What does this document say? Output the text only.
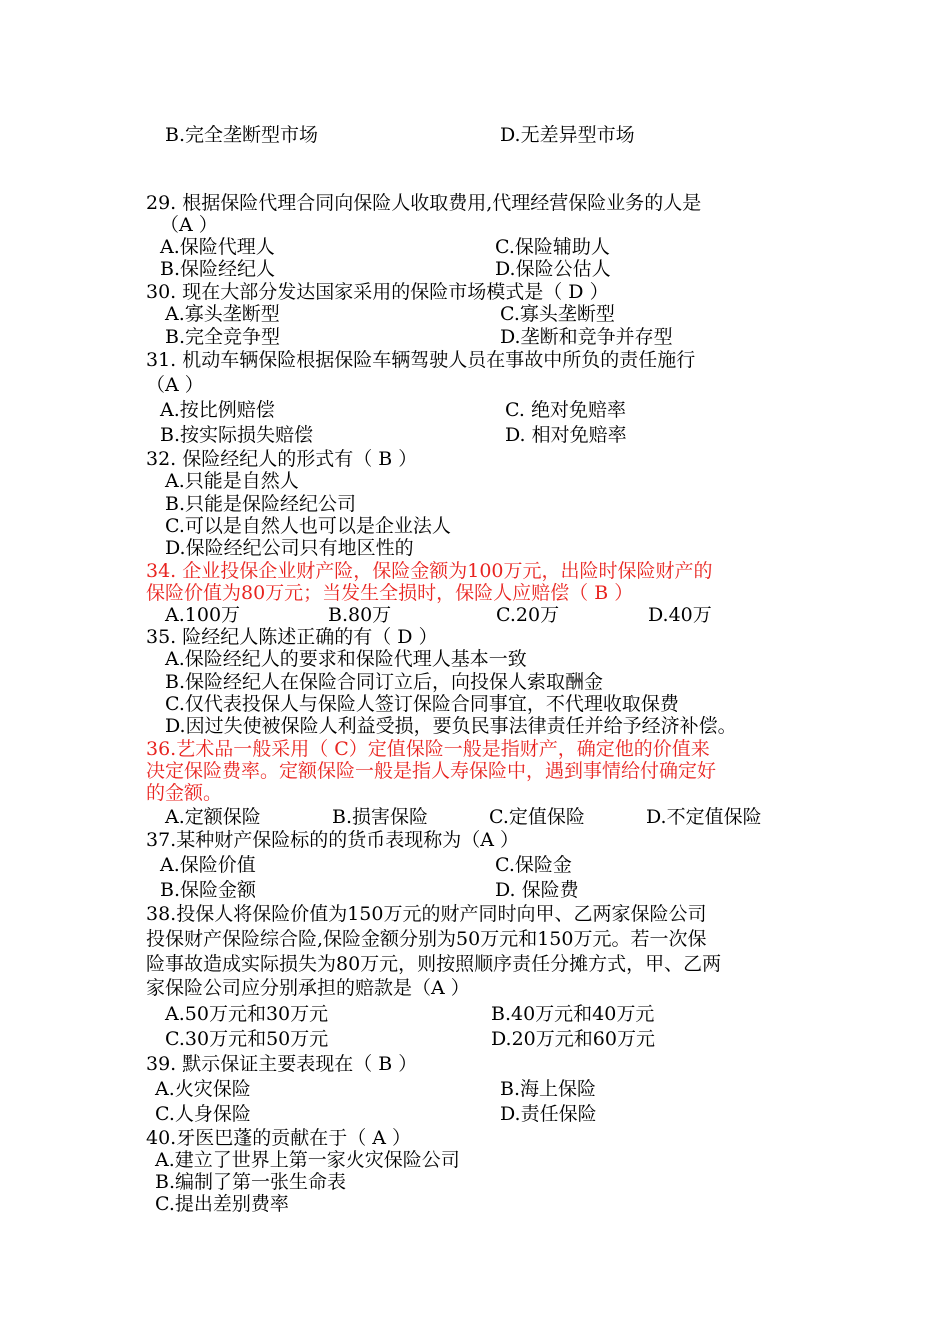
B.完全垄断型市场	D.无差异型市场
29. 根据保险代理合同向保险人收取费用,代理经营保险业务的人是
（A ）
A.保险代理人	C.保险辅助人
B.保险经纪人	D.保险公估人
30. 现在大部分发达国家采用的保险市场模式是（ D ）
A.寡头垄断型	C.寡头垄断型
B.完全竞争型	D.垄断和竞争并存型
31. 机动车辆保险根据保险车辆驾驶人员在事故中所负的责任施行
（A ）
A.按比例赔偿	C. 绝对免赔率
B.按实际损失赔偿	D. 相对免赔率
32. 保险经纪人的形式有（ B ）
A.只能是自然人
B.只能是保险经纪公司
C.可以是自然人也可以是企业法人
D.保险经纪公司只有地区性的
34. 企业投保企业财产险，保险金额为100万元，出险时保险财产的
保险价值为80万元；当发生全损时，保险人应赔偿（ B ）
A.100万	B.80万	C.20万	D.40万
35. 险经纪人陈述正确的有（ D ）
A.保险经纪人的要求和保险代理人基本一致
B.保险经纪人在保险合同订立后，向投保人索取酬金
C.仅代表投保人与保险人签订保险合同事宜，不代理收取保费
D.因过失使被保险人利益受损，要负民事法律责任并给予经济补偿。
36.艺术品一般采用（ C）定值保险一般是指财产，确定他的价值来
决定保险费率。定额保险一般是指人寿保险中，遇到事情给付确定好
的金额。
A.定额保险	B.损害保险	C.定值保险	D.不定值保险
37.某种财产保险标的的货币表现称为（A ）
A.保险价值	C.保险金
B.保险金额	D. 保险费
38.投保人将保险价值为150万元的财产同时向甲、乙两家保险公司
投保财产保险综合险,保险金额分别为50万元和150万元。若一次保
险事故造成实际损失为80万元，则按照顺序责任分摊方式，甲、乙两
家保险公司应分别承担的赔款是（A ）
A.50万元和30万元	B.40万元和40万元
C.30万元和50万元	D.20万元和60万元
39. 默示保证主要表现在（ B ）
A.火灾保险	B.海上保险
C.人身保险	D.责任保险
40.牙医巴蓬的贡献在于（ A ）
A.建立了世界上第一家火灾保险公司
B.编制了第一张生命表
C.提出差别费率
